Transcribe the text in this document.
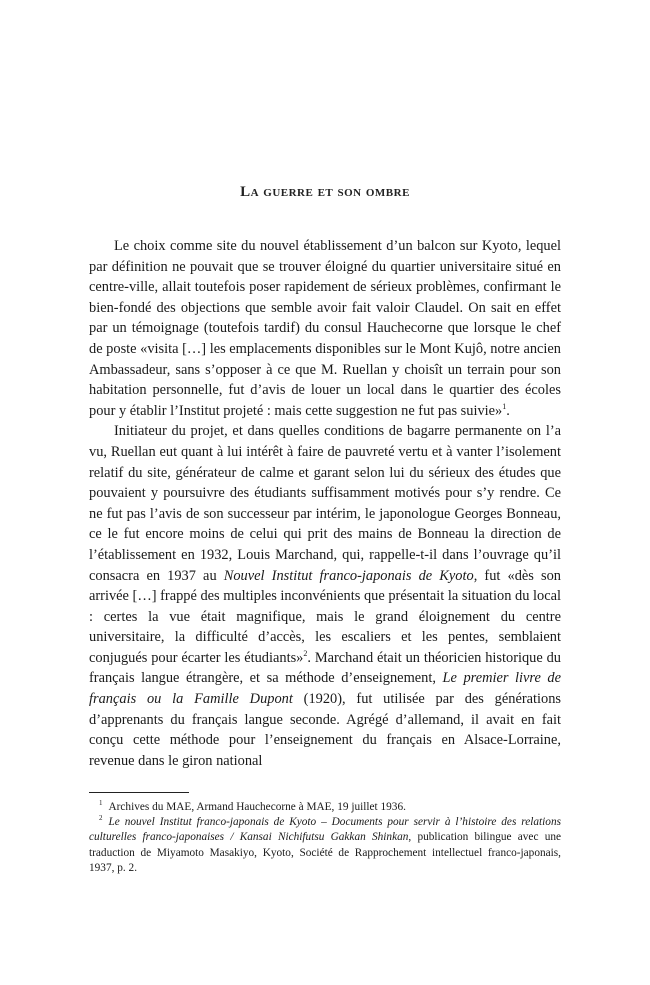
La guerre et son ombre

Le choix comme site du nouvel établissement d’un balcon sur Kyoto, lequel par définition ne pouvait que se trouver éloigné du quartier universitaire situé en centre-ville, allait toutefois poser rapidement de sérieux problèmes, confirmant le bien-fondé des objections que semble avoir fait valoir Claudel. On sait en effet par un témoignage (toutefois tardif) du consul Hauchecorne que lorsque le chef de poste «visita […] les emplacements disponibles sur le Mont Kujô, notre ancien Ambassadeur, sans s’opposer à ce que M. Ruellan y choisît un terrain pour son habitation personnelle, fut d’avis de louer un local dans le quartier des écoles pour y établir l’Institut projeté : mais cette suggestion ne fut pas suivie»$^1$.

Initiateur du projet, et dans quelles conditions de bagarre permanente on l’a vu, Ruellan eut quant à lui intérêt à faire de pauvreté vertu et à vanter l’isolement relatif du site, générateur de calme et garant selon lui du sérieux des études que pouvaient y poursuivre des étudiants suffisamment motivés pour s’y rendre. Ce ne fut pas l’avis de son successeur par intérim, le japonologue Georges Bonneau, ce le fut encore moins de celui qui prit des mains de Bonneau la direction de l’établissement en 1932, Louis Marchand, qui, rappelle-t-il dans l’ouvrage qu’il consacra en 1937 au Nouvel Institut franco-japonais de Kyoto, fut «dès son arrivée […] frappé des multiples inconvénients que présentait la situation du local : certes la vue était magnifique, mais le grand éloignement du centre universitaire, la difficulté d’accès, les escaliers et les pentes, semblaient conjugués pour écarter les étudiants»$^2$. Marchand était un théoricien historique du français langue étrangère, et sa méthode d’enseignement, Le premier livre de français ou la Famille Dupont (1920), fut utilisée par des générations d’apprenants du français langue seconde. Agrégé d’allemand, il avait en fait conçu cette méthode pour l’enseignement du français en Alsace-Lorraine, revenue dans le giron national

$^1$ Archives du MAE, Armand Hauchecorne à MAE, 19 juillet 1936.

$^2$ Le nouvel Institut franco-japonais de Kyoto – Documents pour servir à l’histoire des relations culturelles franco-japonaises / Kansai Nichifutsu Gakkan Shinkan, publication bilingue avec une traduction de Miyamoto Masakiyo, Kyoto, Société de Rapprochement intellectuel franco-japonais, 1937, p. 2.
